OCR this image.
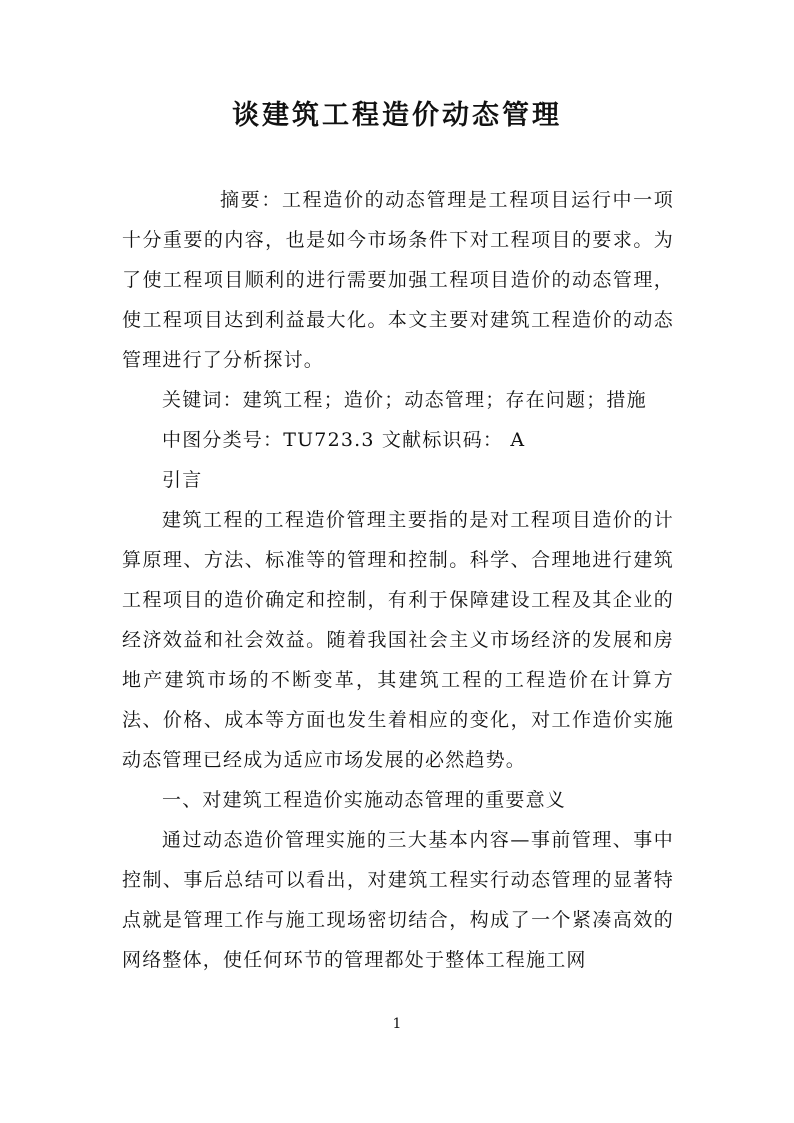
谈建筑工程造价动态管理

摘要：工程造价的动态管理是工程项目运行中一项十分重要的内容，也是如今市场条件下对工程项目的要求。为了使工程项目顺利的进行需要加强工程项目造价的动态管理，使工程项目达到利益最大化。本文主要对建筑工程造价的动态管理进行了分析探讨。

关键词：建筑工程；造价；动态管理；存在问题；措施

中图分类号：TU723.3 文献标识码： A

引言

建筑工程的工程造价管理主要指的是对工程项目造价的计算原理、方法、标准等的管理和控制。科学、合理地进行建筑工程项目的造价确定和控制，有利于保障建设工程及其企业的经济效益和社会效益。随着我国社会主义市场经济的发展和房地产建筑市场的不断变革，其建筑工程的工程造价在计算方法、价格、成本等方面也发生着相应的变化，对工作造价实施动态管理已经成为适应市场发展的必然趋势。

一、对建筑工程造价实施动态管理的重要意义

通过动态造价管理实施的三大基本内容—事前管理、事中控制、事后总结可以看出，对建筑工程实行动态管理的显著特点就是管理工作与施工现场密切结合，构成了一个紧凑高效的网络整体，使任何环节的管理都处于整体工程施工网

1
